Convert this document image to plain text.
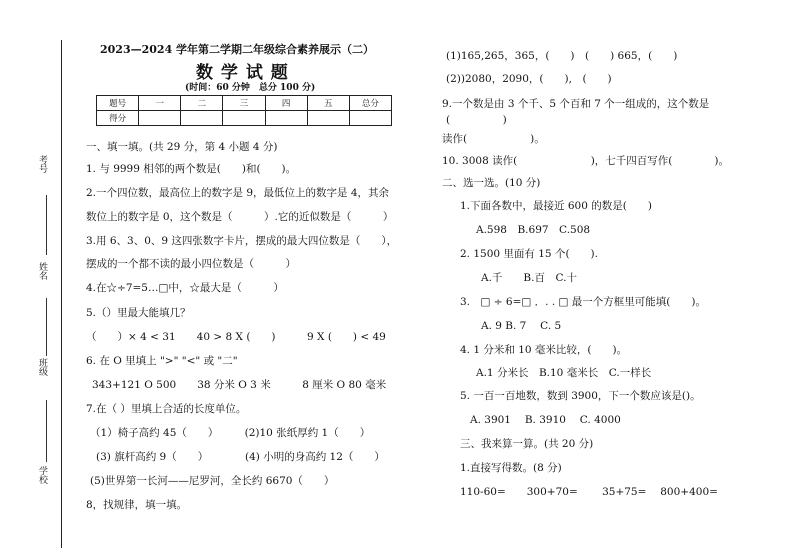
考号
姓名
班级
学校
2023—2024 学年第二学期二年级综合素养展示（二）
数 学 试 题
(时间：60 分钟　总分 100 分)
题号	一	二	三	四	五	总分
得分						
一、填一填。(共 29 分，第 4 小题 4 分)
1. 与 9999 相邻的两个数是(　　)和(　　)。
2.一个四位数，最高位上的数字是 9，最低位上的数字是 4，其余
数位上的数字是 0，这个数是（　　　）.它的近似数是（　　　）
3.用 6、3、0、9 这四张数字卡片，摆成的最大四位数是（　　），
摆成的一个都不读的最小四位数是（　　　）
4.在☆÷7=5…□中，☆最大是（　　　）
5.（）里最大能填几？
（　　）× 4 < 31　　40 > 8 X (　　)　　　9 X (　　) < 49
6. 在 O 里填上 ">" "<" 或 "二"
343+121 O 500　　38 分米 O 3 米　　　8 厘米 O 80 毫米
7.在（ ）里填上合适的长度单位。
（1）椅子高约 45（　　）　　　(2)10 张纸厚约 1（　　）
(3) 旗杆高约 9（　　）　　　　(4) 小明的身高约 12（　　）
(5)世界第一长河——尼罗河，全长约 6670（　　）
8，找规律，填一填。
(1)165,265，365，(　　)　(　　) 665，(　　)
(2))2080，2090，(　　),　(　　)
9.一个数是由 3 个千、5 个百和 7 个一组成的，这个数是
(　　　　　)
读作(　　　　　　)。
10. 3008 读作(　　　　　　　)，七千四百写作(　　　　)。
二、选一选。(10 分)
1.下面各数中，最接近 600 的数是(　　)
A.598　B.697　C.508
2. 1500 里面有 15 个(　　).
A.千　　B.百　C.十
3.　□ ÷ 6=□ ．. . □ 最一个方框里可能填(　　)。
A. 9 B. 7　 C. 5
4. 1 分米和 10 毫米比较，(　　)。
A.1 分米长　B.10 毫米长　C.一样长
5. 一百一百地数，数到 3900，下一个数应该是()。
A. 3901　 B. 3910　 C. 4000
三、我来算一算。(共 20 分)
1.直接写得数。(8 分)
110-60=　　300+70=　　 35+75=　 800+400=
